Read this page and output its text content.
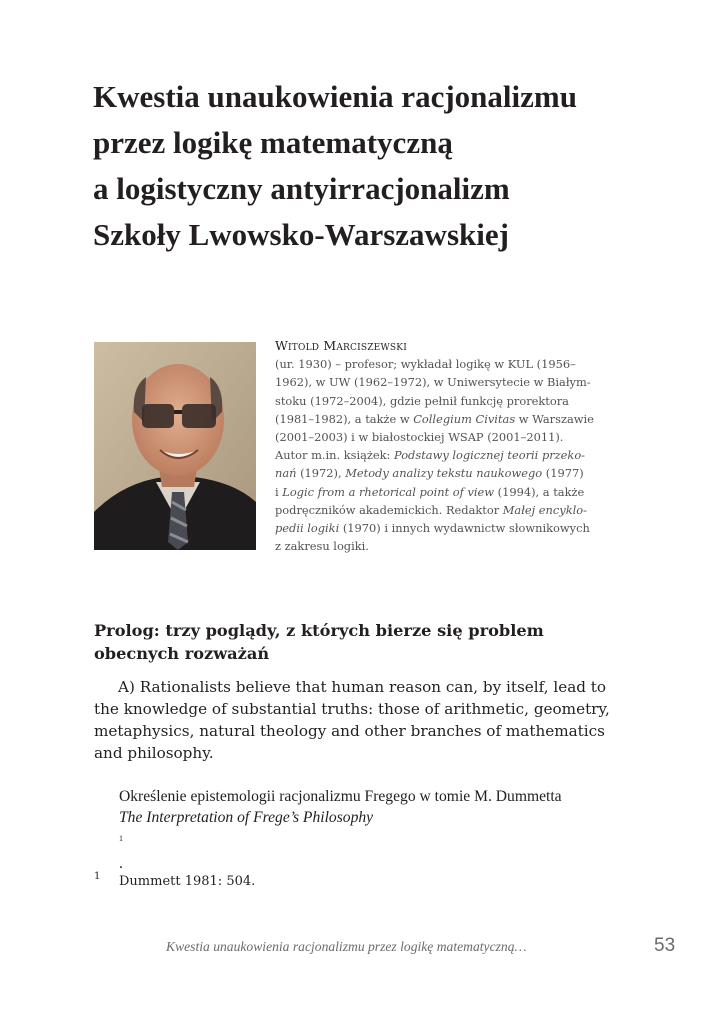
Kwestia unaukowienia racjonalizmu
przez logikę matematyczną
a logistyczny antyirracjonalizm
Szkoły Lwowsko-Warszawskiej
Witold Marciszewski
(ur. 1930) – profesor; wykładał logikę w KUL (1956–
1962), w UW (1962–1972), w Uniwersytecie w Białym-
stoku (1972–2004), gdzie pełnił funkcję prorektora
(1981–1982), a także w Collegium Civitas w Warszawie
(2001–2003) i w białostockiej WSAP (2001–2011).
Autor m.in. książek: Podstawy logicznej teorii przeko-
nań (1972), Metody analizy tekstu naukowego (1977)
i Logic from a rhetorical point of view (1994), a także
podręczników akademickich. Redaktor Małej encyklo-
pedii logiki (1970) i innych wydawnictw słownikowych
z zakresu logiki.
Prolog: trzy poglądy, z których bierze się problem
obecnych rozważań
A) Rationalists believe that human reason can, by itself, lead to
the knowledge of substantial truths: those of arithmetic, geometry,
metaphysics, natural theology and other branches of mathematics
and philosophy.
Określenie epistemologii racjonalizmu Fregego w tomie M. Dummetta
The Interpretation of Frege’s Philosophy
$^1$
.
1 Dummett 1981: 504.
Kwestia unaukowienia racjonalizmu przez logikę matematyczną…	53
